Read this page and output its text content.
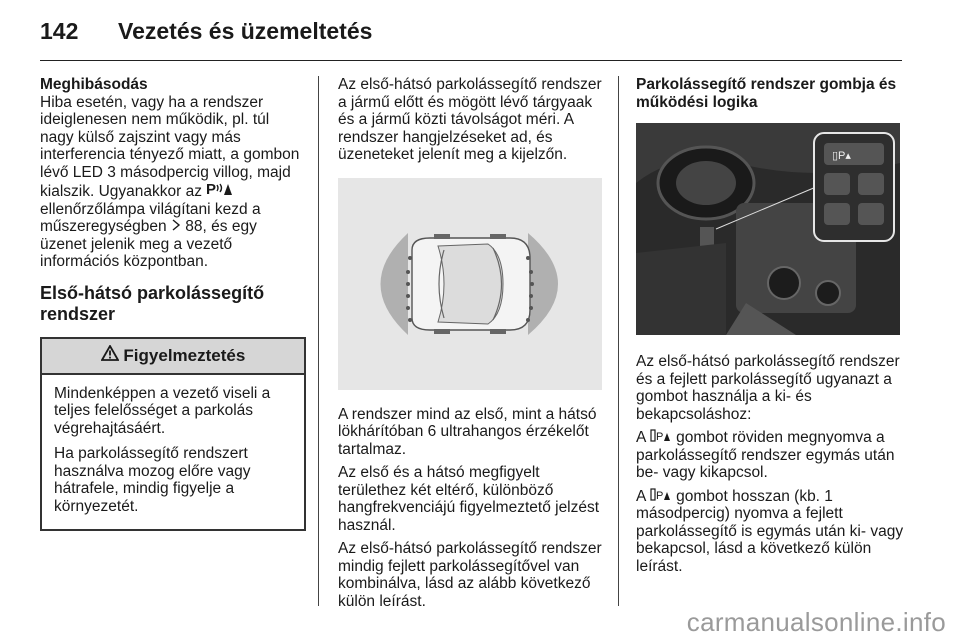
142 Vezetés és üzemeltetés

Meghibásodás

Hiba esetén, vagy ha a rendszer ideiglenesen nem működik, pl. túl nagy külső zajszint vagy más interferencia tényező miatt, a gombon lévő LED 3 másodpercig villog, majd kialszik. Ugyanakkor az P

ellenőrzőlámpa világítani kezd a műszeregységben 88, és egy üzenet jelenik meg a vezető információs központban.

Első-hátsó parkolássegítő rendszer
Figyelmeztetés

Mindenképpen a vezető viseli a teljes felelősséget a parkolás végrehajtásáért.

Ha parkolássegítő rendszert használva mozog előre vagy hátrafele, mindig figyelje a környezetét.

Az első-hátsó parkolássegítő rendszer a jármű előtt és mögött lévő tárgyaak és a jármű közti távolságot méri. A rendszer hangjelzéseket ad, és üzeneteket jelenít meg a kijelzőn.

A rendszer mind az első, mint a hátsó lökhárítóban 6 ultrahangos érzékelőt tartalmaz.

Az első és a hátsó megfigyelt területhez két eltérő, különböző hangfrekvenciájú figyelmeztető jelzést használ.

Az első-hátsó parkolássegítő rendszer mindig fejlett parkolássegítővel van kombinálva, lásd az alább következő külön leírást.

Parkolássegítő rendszer gombja és működési logika
▯P▴

Az első-hátsó parkolássegítő rendszer és a fejlett parkolássegítő ugyanazt a gombot használja a ki- és bekapcsoláshoz:

A P gombot röviden megnyomva a parkolássegítő rendszer egymás után be- vagy kikapcsol.

A P gombot hosszan (kb. 1 másodpercig) nyomva a fejlett parkolássegítő is egymás után ki- vagy bekapcsol, lásd a következő külön leírást.

carmanualsonline.info
